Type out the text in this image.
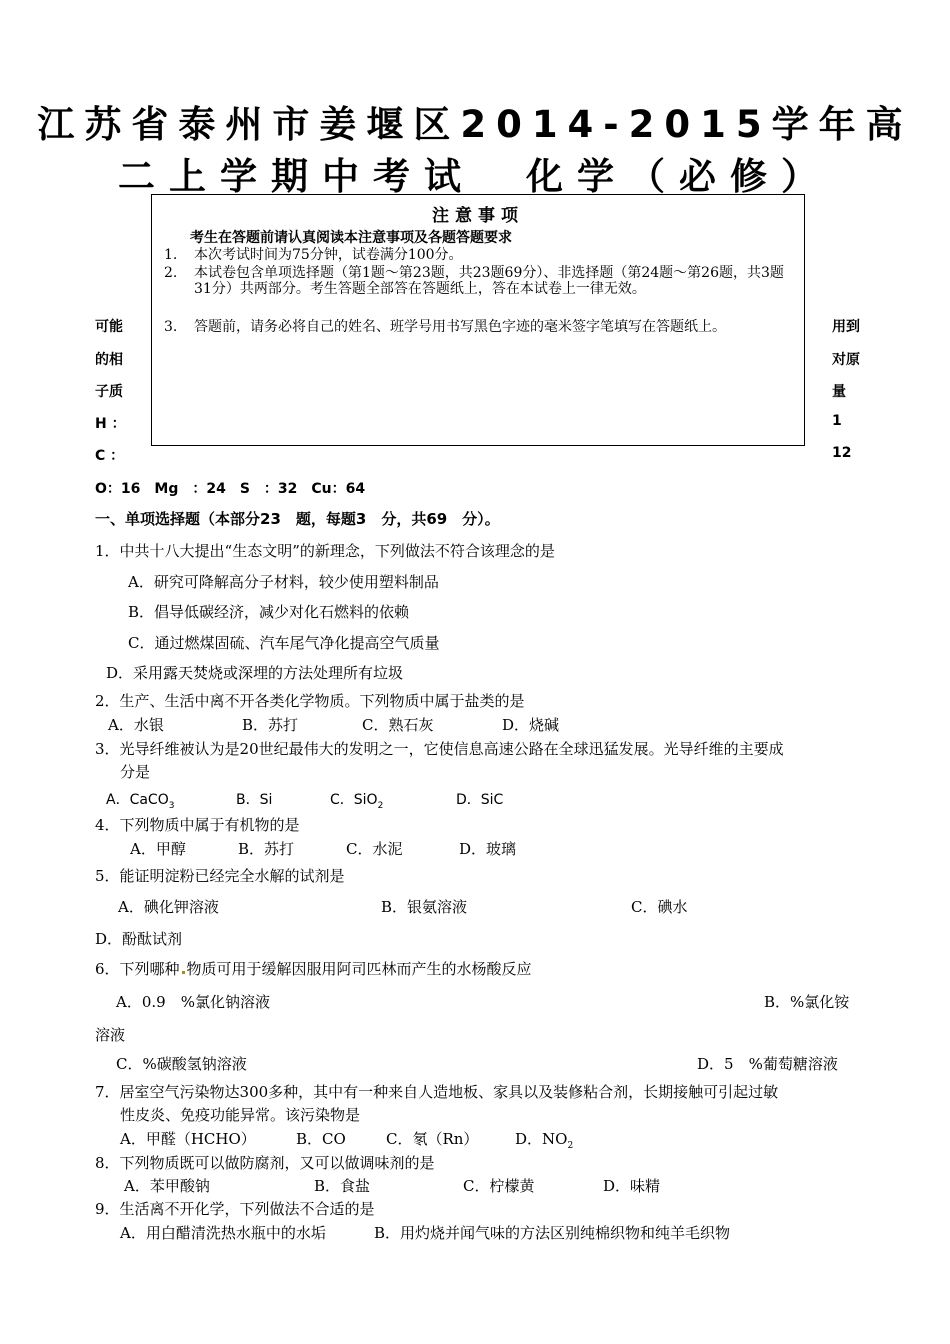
江苏省泰州市姜堰区2014-2015学年高
二上学期中考试　化学（必修）
注意事项
考生在答题前请认真阅读本注意事项及各题答题要求
1. 本次考试时间为75分钟，试卷满分100分。
2. 本试卷包含单项选择题（第1题～第23题，共23题69分）、非选择题（第24题～第26题，共3题31分）共两部分。考生答题全部答在答题纸上，答在本试卷上一律无效。
3. 答题前，请务必将自己的姓名、班学号用书写黑色字迹的毫米签字笔填写在答题纸上。
可能
的相
子质
H ：
C ：
用到
对原
量
1
12
O：16　Mg　：24　S　：32　Cu：64
一、单项选择题（本部分23　题，每题3　分，共69　分）。
1．中共十八大提出“生态文明”的新理念，下列做法不符合该理念的是
A．研究可降解高分子材料，较少使用塑料制品
B．倡导低碳经济，减少对化石燃料的依赖
C．通过燃煤固硫、汽车尾气净化提高空气质量
D．采用露天焚烧或深埋的方法处理所有垃圾
2．生产、生活中离不开各类化学物质。下列物质中属于盐类的是
A．水银	B．苏打	C．熟石灰	D．烧碱
3．光导纤维被认为是20世纪最伟大的发明之一，它使信息高速公路在全球迅猛发展。光导纤维的主要成
分是
A．CaCO$_3$	B．Si	C．SiO$_2$	D．SiC
4．下列物质中属于有机物的是
A．甲醇	B．苏打	C．水泥	D．玻璃
5．能证明淀粉已经完全水解的试剂是
A．碘化钾溶液	B．银氨溶液	C．碘水
D．酚酞试剂
6．下列哪种 物质可用于缓解因服用阿司匹林而产生的水杨酸反应
A．0.9　%氯化钠溶液	B．%氯化铵
溶液
C．%碳酸氢钠溶液	D．5　%葡萄糖溶液
7．居室空气污染物达300多种，其中有一种来自人造地板、家具以及装修粘合剂，长期接触可引起过敏
性皮炎、免疫功能异常。该污染物是
A．甲醛（HCHO）	B．CO	C．氡（Rn） D．$NO_2$
8．下列物质既可以做防腐剂，又可以做调味剂的是
A．苯甲酸钠	B．食盐	C．柠檬黄	D．味精
9．生活离不开化学，下列做法不合适的是
A．用白醋清洗热水瓶中的水垢	B．用灼烧并闻气味的方法区别纯棉织物和纯羊毛织物
